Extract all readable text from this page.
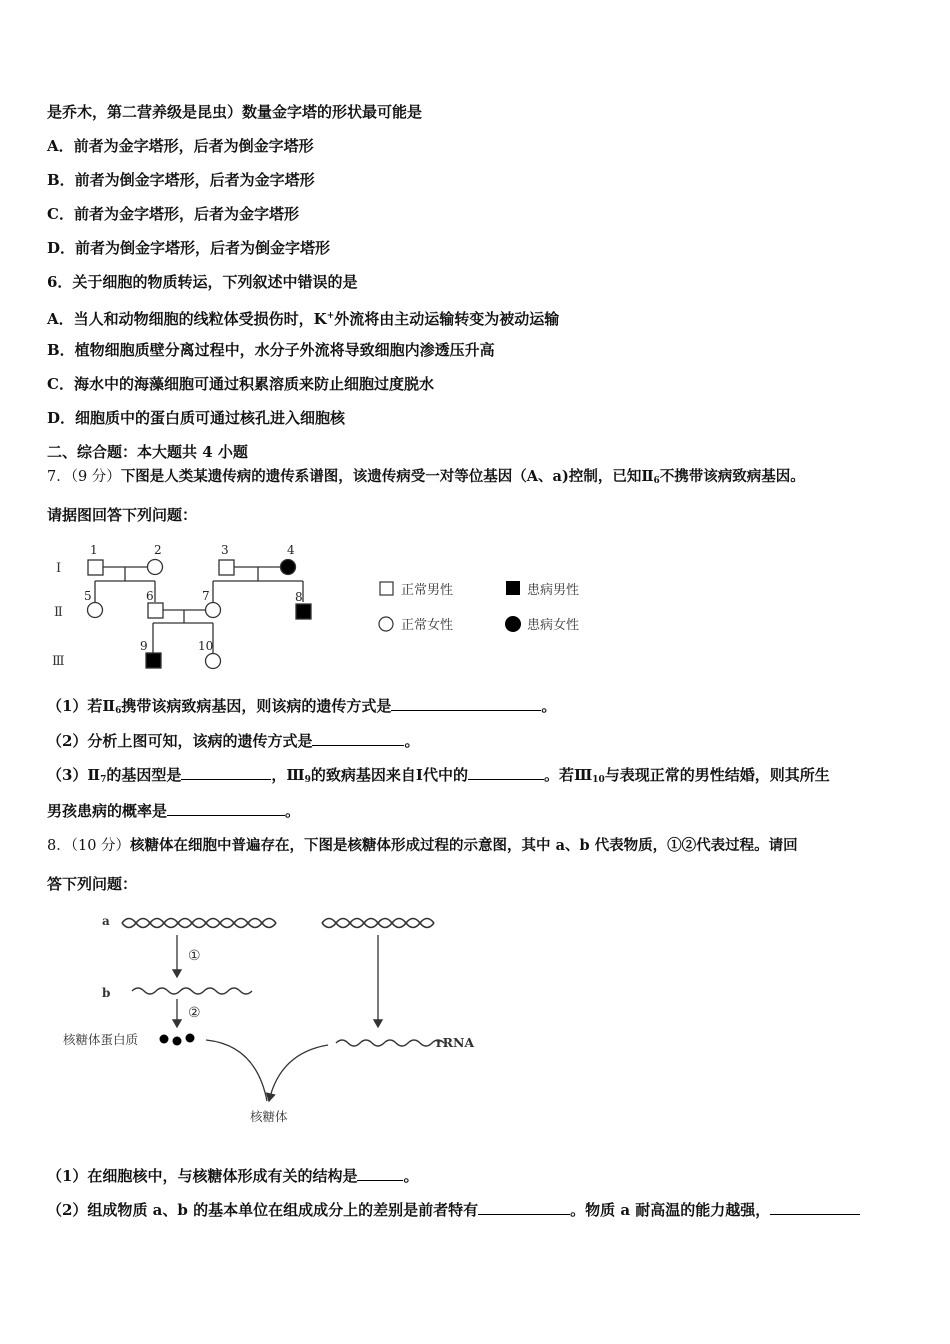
是乔木，第二营养级是昆虫）数量金字塔的形状最可能是
A．前者为金字塔形，后者为倒金字塔形
B．前者为倒金字塔形，后者为金字塔形
C．前者为金字塔形，后者为金字塔形
D．前者为倒金字塔形，后者为倒金字塔形
6．关于细胞的物质转运，下列叙述中错误的是
A．当人和动物细胞的线粒体受损伤时，K+外流将由主动运输转变为被动运输
B．植物细胞质壁分离过程中，水分子外流将导致细胞内渗透压升高
C．海水中的海藻细胞可通过积累溶质来防止细胞过度脱水
D．细胞质中的蛋白质可通过核孔进入细胞核
二、综合题：本大题共 4 小题
7．（9 分）下图是人类某遗传病的遗传系谱图，该遗传病受一对等位基因（A、a)控制，已知$Ⅱ_6$不携带该病致病基因。
请据图回答下列问题：
Ⅰ
Ⅱ
Ⅲ
1	2	3	4
5	6	7	8
9	10
正常男性	患病男性
正常女性	患病女性
（1）若$Ⅱ_6$携带该病致病基因，则该病的遗传方式是	。
（2）分析上图可知，该病的遗传方式是	。
$(3)Ⅱ_7$的基因型是	，$Ⅲ_9$的致病基因来自Ⅰ代中的	。若$Ⅲ_{10}$与表现正常的男性结婚，则其所生
男孩患病的概率是	。
8．（10 分）核糖体在细胞中普遍存在，下图是核糖体形成过程的示意图，其中 a、b 代表物质，①②代表过程。请回
答下列问题：
a
①
b
②
核糖体蛋白质	rRNA
核糖体
（1）在细胞核中，与核糖体形成有关的结构是	。
（2）组成物质 a、b 的基本单位在组成成分上的差别是前者特有	。物质 a 耐高温的能力越强，
